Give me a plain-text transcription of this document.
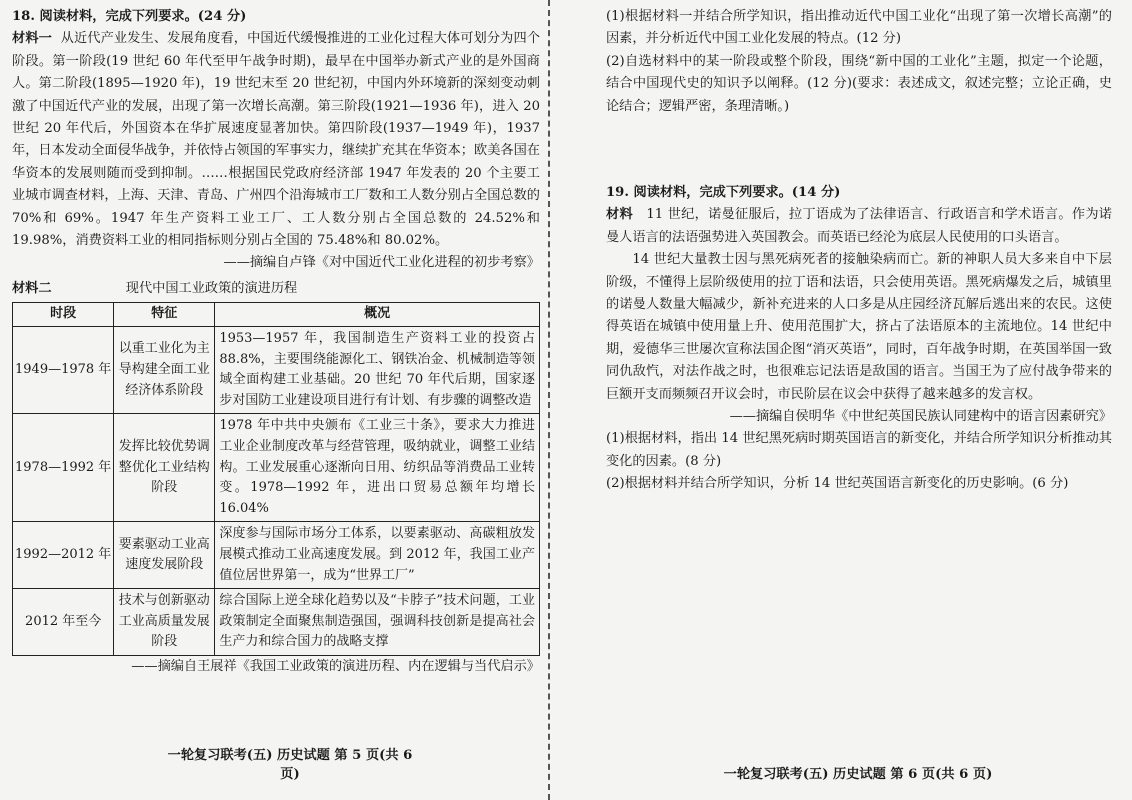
18. 阅读材料，完成下列要求。(24 分)

材料一 从近代产业发生、发展角度看，中国近代缓慢推进的工业化过程大体可划分为四个阶段。第一阶段(19 世纪 60 年代至甲午战争时期)，最早在中国举办新式产业的是外国商人。第二阶段(1895—1920 年)，19 世纪末至 20 世纪初，中国内外环境新的深刻变动刺激了中国近代产业的发展，出现了第一次增长高潮。第三阶段(1921—1936 年)，进入 20 世纪 20 年代后，外国资本在华扩展速度显著加快。第四阶段(1937—1949 年)，1937 年，日本发动全面侵华战争，并依恃占领国的军事实力，继续扩充其在华资本；欧美各国在华资本的发展则随而受到抑制。……根据国民党政府经济部 1947 年发表的 20 个主要工业城市调查材料，上海、天津、青岛、广州四个沿海城市工厂数和工人数分别占全国总数的 70%和 69%。1947 年生产资料工业工厂、工人数分别占全国总数的 24.52%和 19.98%，消费资料工业的相同指标则分别占全国的 75.48%和 80.02%。

——摘编自卢锋《对中国近代工业化进程的初步考察》

材料二	现代中国工业政策的演进历程
时段	特征	概况
1949—1978 年	以重工业化为主导构建全面工业经济体系阶段	1953—1957 年，我国制造生产资料工业的投资占 88.8%，主要围绕能源化工、钢铁冶金、机械制造等领域全面构建工业基础。20 世纪 70 年代后期，国家逐步对国防工业建设项目进行有计划、有步骤的调整改造
1978—1992 年	发挥比较优势调整优化工业结构阶段	1978 年中共中央颁布《工业三十条》，要求大力推进工业企业制度改革与经营管理，吸纳就业，调整工业结构。工业发展重心逐渐向日用、纺织品等消费品工业转变。1978—1992 年，进出口贸易总额年均增长 16.04%
1992—2012 年	要素驱动工业高速度发展阶段	深度参与国际市场分工体系，以要素驱动、高碳粗放发展模式推动工业高速度发展。到 2012 年，我国工业产值位居世界第一，成为“世界工厂”
2012 年至今	技术与创新驱动工业高质量发展阶段	综合国际上逆全球化趋势以及“卡脖子”技术问题，工业政策制定全面聚焦制造强国，强调科技创新是提高社会生产力和综合国力的战略支撑

——摘编自王展祥《我国工业政策的演进历程、内在逻辑与当代启示》

一轮复习联考(五) 历史试题 第 5 页(共 6 页)

(1)根据材料一并结合所学知识，指出推动近代中国工业化“出现了第一次增长高潮”的因素，并分析近代中国工业化发展的特点。(12 分)

(2)自选材料中的某一阶段或整个阶段，围绕“新中国的工业化”主题，拟定一个论题，结合中国现代史的知识予以阐释。(12 分)(要求：表述成文，叙述完整；立论正确，史论结合；逻辑严密，条理清晰。)

19. 阅读材料，完成下列要求。(14 分)

材料 11 世纪，诺曼征服后，拉丁语成为了法律语言、行政语言和学术语言。作为诺曼人语言的法语强势进入英国教会。而英语已经沦为底层人民使用的口头语言。

14 世纪大量教士因与黑死病死者的接触染病而亡。新的神职人员大多来自中下层阶级，不懂得上层阶级使用的拉丁语和法语，只会使用英语。黑死病爆发之后，城镇里的诺曼人数量大幅减少，新补充进来的人口多是从庄园经济瓦解后逃出来的农民。这使得英语在城镇中使用量上升、使用范围扩大，挤占了法语原本的主流地位。14 世纪中期，爱德华三世屡次宣称法国企图“消灭英语”，同时，百年战争时期，在英国举国一致同仇敌忾，对法作战之时，也很难忘记法语是敌国的语言。当国王为了应付战争带来的巨额开支而频频召开议会时，市民阶层在议会中获得了越来越多的发言权。

——摘编自侯明华《中世纪英国民族认同建构中的语言因素研究》

(1)根据材料，指出 14 世纪黑死病时期英国语言的新变化，并结合所学知识分析推动其变化的因素。(8 分)

(2)根据材料并结合所学知识，分析 14 世纪英国语言新变化的历史影响。(6 分)

一轮复习联考(五) 历史试题 第 6 页(共 6 页)
